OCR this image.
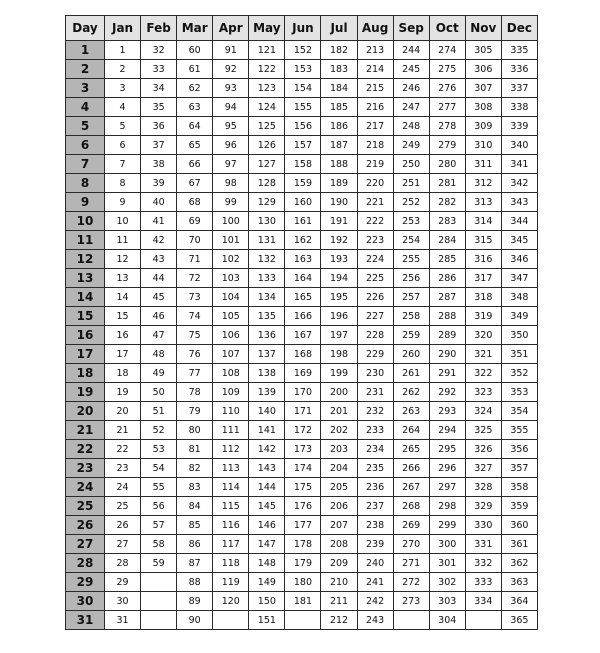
Day	Jan	Feb	Mar	Apr	May	Jun	Jul	Aug	Sep	Oct	Nov	Dec
1	1	32	60	91	121	152	182	213	244	274	305	335
2	2	33	61	92	122	153	183	214	245	275	306	336
3	3	34	62	93	123	154	184	215	246	276	307	337
4	4	35	63	94	124	155	185	216	247	277	308	338
5	5	36	64	95	125	156	186	217	248	278	309	339
6	6	37	65	96	126	157	187	218	249	279	310	340
7	7	38	66	97	127	158	188	219	250	280	311	341
8	8	39	67	98	128	159	189	220	251	281	312	342
9	9	40	68	99	129	160	190	221	252	282	313	343
10	10	41	69	100	130	161	191	222	253	283	314	344
11	11	42	70	101	131	162	192	223	254	284	315	345
12	12	43	71	102	132	163	193	224	255	285	316	346
13	13	44	72	103	133	164	194	225	256	286	317	347
14	14	45	73	104	134	165	195	226	257	287	318	348
15	15	46	74	105	135	166	196	227	258	288	319	349
16	16	47	75	106	136	167	197	228	259	289	320	350
17	17	48	76	107	137	168	198	229	260	290	321	351
18	18	49	77	108	138	169	199	230	261	291	322	352
19	19	50	78	109	139	170	200	231	262	292	323	353
20	20	51	79	110	140	171	201	232	263	293	324	354
21	21	52	80	111	141	172	202	233	264	294	325	355
22	22	53	81	112	142	173	203	234	265	295	326	356
23	23	54	82	113	143	174	204	235	266	296	327	357
24	24	55	83	114	144	175	205	236	267	297	328	358
25	25	56	84	115	145	176	206	237	268	298	329	359
26	26	57	85	116	146	177	207	238	269	299	330	360
27	27	58	86	117	147	178	208	239	270	300	331	361
28	28	59	87	118	148	179	209	240	271	301	332	362
29	29		88	119	149	180	210	241	272	302	333	363
30	30		89	120	150	181	211	242	273	303	334	364
31	31		90		151		212	243		304		365
